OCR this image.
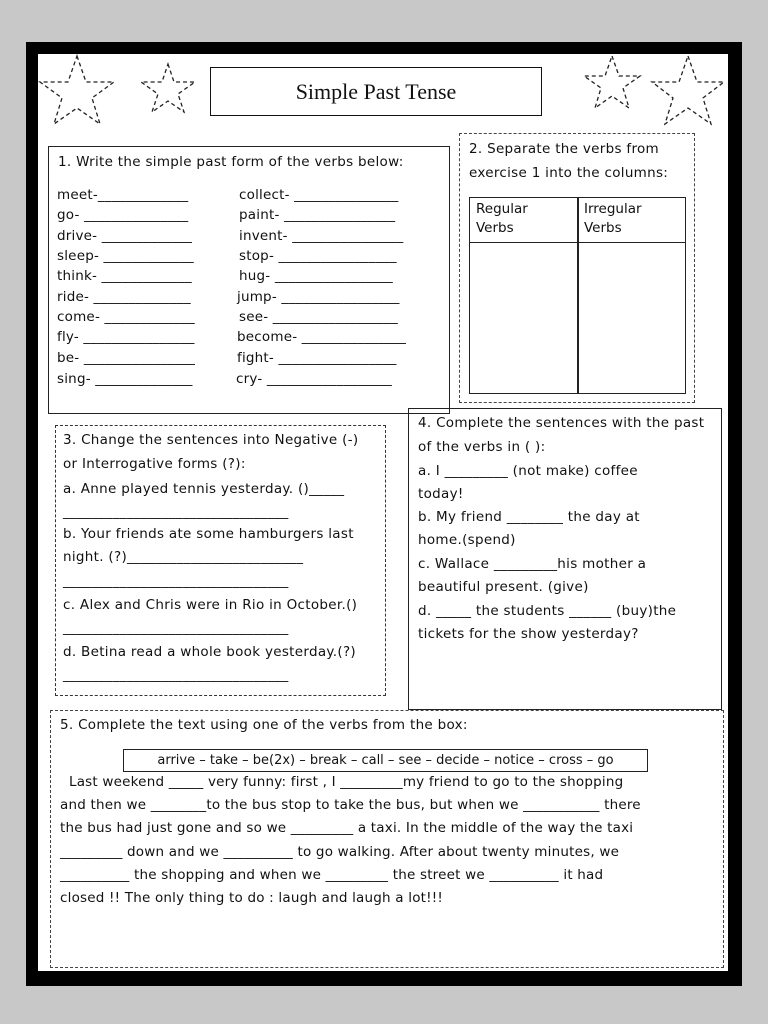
Simple Past Tense
1. Write the simple past form of the verbs below:
meet-_____________
go- _______________
drive- _____________
sleep- _____________
think- _____________
ride- ______________
come- _____________
fly- ________________
be- ________________
sing- ______________
collect- _______________
paint- ________________
invent- ________________
stop- _________________
hug- _________________
jump- _________________
see- __________________
become- _______________
fight- _________________
cry- __________________
2. Separate the verbs from
exercise 1 into the columns:
Regular
Verbs
Irregular
Verbs
3. Change the sentences into Negative (-)
or Interrogative forms (?):
a. Anne played tennis yesterday. ()_____
________________________________
b. Your friends ate some hamburgers last
night. (?)_________________________
________________________________
c. Alex and Chris were in Rio in October.()
________________________________
d. Betina read a whole book yesterday.(?)
________________________________
4. Complete the sentences with the past
of the verbs in ( ):
a. I _________ (not make) coffee
today!
b. My friend ________ the day at
home.(spend)
c. Wallace _________his mother a
beautiful present. (give)
d. _____ the students ______ (buy)the
tickets for the show yesterday?
5. Complete the text using one of the verbs from the box:
arrive – take – be(2x) – break – call – see – decide – notice – cross – go
Last weekend _____ very funny: first , I _________my friend to go to the shopping
and then we ________to the bus stop to take the bus, but when we ___________ there
the bus had just gone and so we _________ a taxi. In the middle of the way the taxi
_________ down and we __________ to go walking. After about twenty minutes, we
__________ the shopping and when we _________ the street we __________ it had
closed !! The only thing to do : laugh and laugh a lot!!!
